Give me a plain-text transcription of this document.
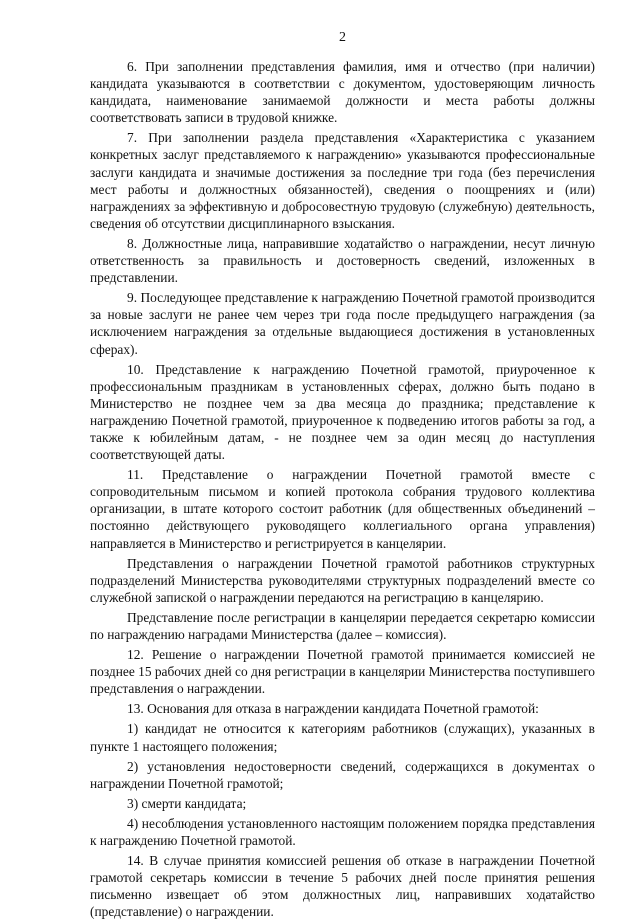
2

6. При заполнении представления фамилия, имя и отчество (при наличии) кандидата указываются в соответствии с документом, удостоверяющим личность кандидата, наименование занимаемой должности и места работы должны соответствовать записи в трудовой книжке.

7. При заполнении раздела представления «Характеристика с указанием конкретных заслуг представляемого к награждению» указываются профессиональные заслуги кандидата и значимые достижения за последние три года (без перечисления мест работы и должностных обязанностей), сведения о поощрениях и (или) награждениях за эффективную и добросовестную трудовую (служебную) деятельность, сведения об отсутствии дисциплинарного взыскания.

8. Должностные лица, направившие ходатайство о награждении, несут личную ответственность за правильность и достоверность сведений, изложенных в представлении.

9. Последующее представление к награждению Почетной грамотой производится за новые заслуги не ранее чем через три года после предыдущего награждения (за исключением награждения за отдельные выдающиеся достижения в установленных сферах).

10. Представление к награждению Почетной грамотой, приуроченное к профессиональным праздникам в установленных сферах, должно быть подано в Министерство не позднее чем за два месяца до праздника; представление к награждению Почетной грамотой, приуроченное к подведению итогов работы за год, а также к юбилейным датам, - не позднее чем за один месяц до наступления соответствующей даты.

11. Представление о награждении Почетной грамотой вместе с сопроводительным письмом и копией протокола собрания трудового коллектива организации, в штате которого состоит работник (для общественных объединений – постоянно действующего руководящего коллегиального органа управления) направляется в Министерство и регистрируется в канцелярии.

Представления о награждении Почетной грамотой работников структурных подразделений Министерства руководителями структурных подразделений вместе со служебной запиской о награждении передаются на регистрацию в канцелярию.

Представление после регистрации в канцелярии передается секретарю комиссии по награждению наградами Министерства (далее – комиссия).

12. Решение о награждении Почетной грамотой принимается комиссией не позднее 15 рабочих дней со дня регистрации в канцелярии Министерства поступившего представления о награждении.

13. Основания для отказа в награждении кандидата Почетной грамотой:

1) кандидат не относится к категориям работников (служащих), указанных в пункте 1 настоящего положения;

2) установления недостоверности сведений, содержащихся в документах о награждении Почетной грамотой;

3) смерти кандидата;

4) несоблюдения установленного настоящим положением порядка представления к награждению Почетной грамотой.

14. В случае принятия комиссией решения об отказе в награждении Почетной грамотой секретарь комиссии в течение 5 рабочих дней после принятия решения письменно извещает об этом должностных лиц, направивших ходатайство (представление) о награждении.
